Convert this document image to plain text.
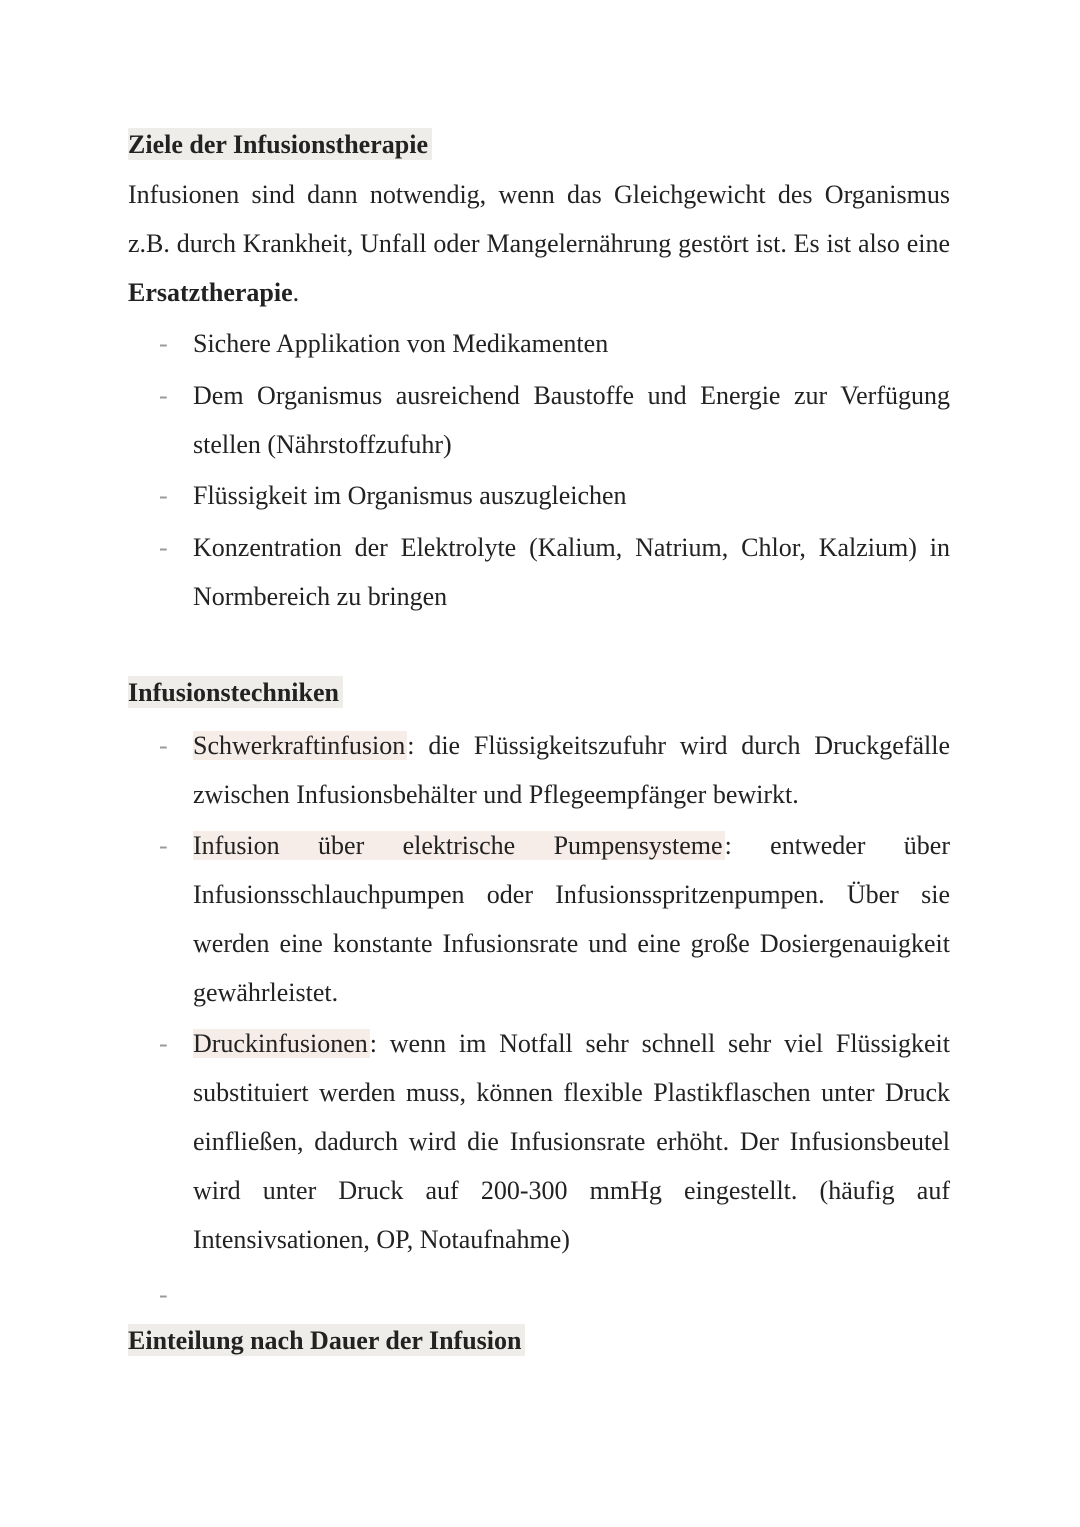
Ziele der Infusionstherapie

Infusionen sind dann notwendig, wenn das Gleichgewicht des Organismus z.B. durch Krankheit, Unfall oder Mangelernährung gestört ist. Es ist also eine Ersatztherapie.

- Sichere Applikation von Medikamenten

- Dem Organismus ausreichend Baustoffe und Energie zur Verfügung stellen (Nährstoffzufuhr)

- Flüssigkeit im Organismus auszugleichen

- Konzentration der Elektrolyte (Kalium, Natrium, Chlor, Kalzium) in Normbereich zu bringen

Infusionstechniken
- Schwerkraftinfusion: die Flüssigkeitszufuhr wird durch Druckgefälle zwischen Infusionsbehälter und Pflegeempfänger bewirkt.

- Infusion über elektrische Pumpensysteme: entweder über Infusionsschlauchpumpen oder Infusionsspritzenpumpen. Über sie werden eine konstante Infusionsrate und eine große Dosiergenauigkeit gewährleistet.

- Druckinfusionen: wenn im Notfall sehr schnell sehr viel Flüssigkeit substituiert werden muss, können flexible Plastikflaschen unter Druck einfließen, dadurch wird die Infusionsrate erhöht. Der Infusionsbeutel wird unter Druck auf 200-300 mmHg eingestellt. (häufig auf Intensivsationen, OP, Notaufnahme)

-
Einteilung nach Dauer der Infusion
